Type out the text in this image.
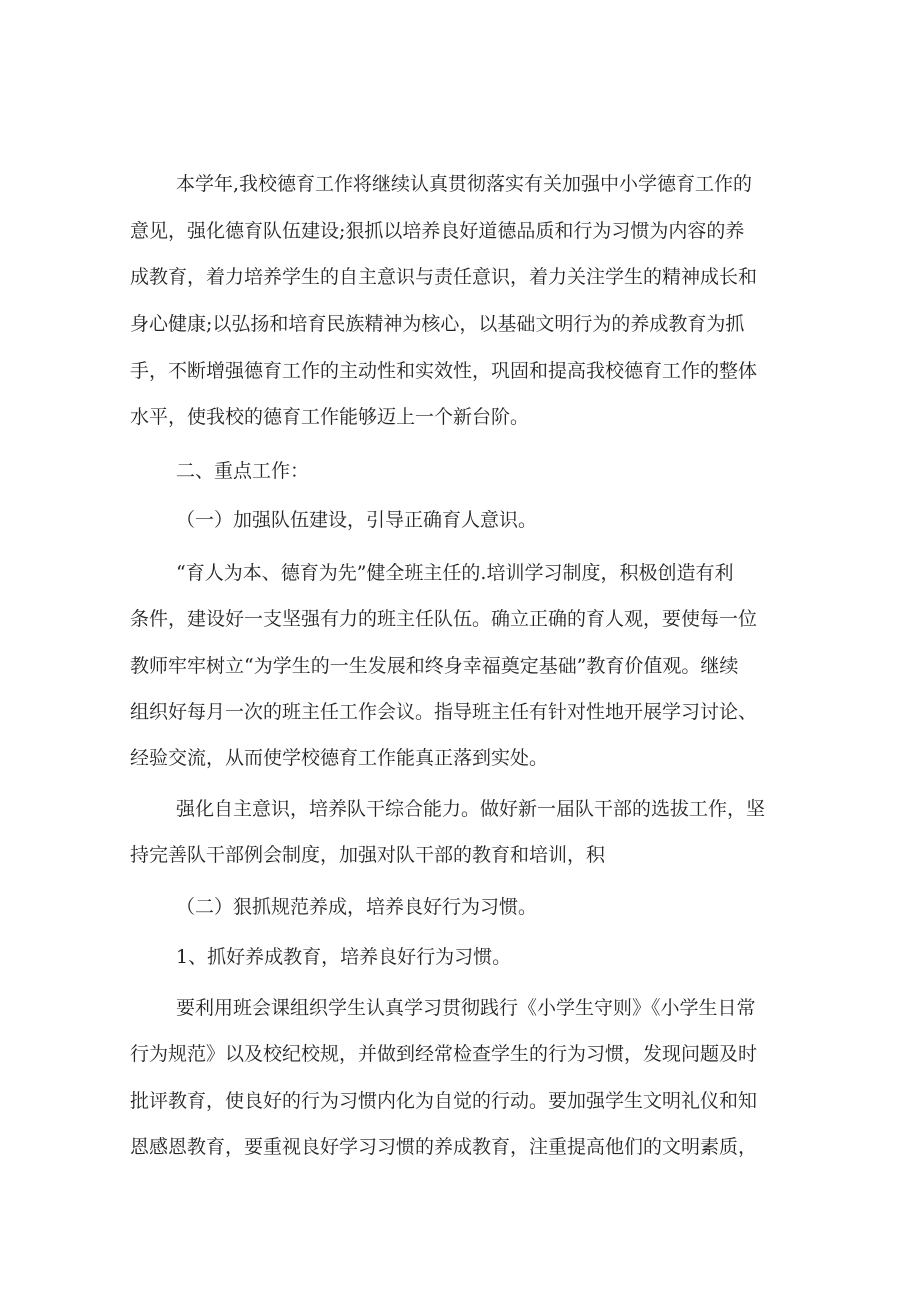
本学年,我校德育工作将继续认真贯彻落实有关加强中小学德育工作的
意见，强化德育队伍建设;狠抓以培养良好道德品质和行为习惯为内容的养
成教育，着力培养学生的自主意识与责任意识，着力关注学生的精神成长和
身心健康;以弘扬和培育民族精神为核心，以基础文明行为的养成教育为抓
手，不断增强德育工作的主动性和实效性，巩固和提高我校德育工作的整体
水平，使我校的德育工作能够迈上一个新台阶。
二、重点工作：
（一）加强队伍建设，引导正确育人意识。
“育人为本、德育为先”健全班主任的.培训学习制度，积极创造有利
条件，建设好一支坚强有力的班主任队伍。确立正确的育人观，要使每一位
教师牢牢树立“为学生的一生发展和终身幸福奠定基础”教育价值观。继续
组织好每月一次的班主任工作会议。指导班主任有针对性地开展学习讨论、
经验交流，从而使学校德育工作能真正落到实处。
强化自主意识，培养队干综合能力。做好新一届队干部的选拔工作，坚
持完善队干部例会制度，加强对队干部的教育和培训，积
（二）狠抓规范养成，培养良好行为习惯。
1、抓好养成教育，培养良好行为习惯。
要利用班会课组织学生认真学习贯彻践行《小学生守则》《小学生日常
行为规范》以及校纪校规，并做到经常检查学生的行为习惯，发现问题及时
批评教育，使良好的行为习惯内化为自觉的行动。要加强学生文明礼仪和知
恩感恩教育，要重视良好学习习惯的养成教育，注重提高他们的文明素质，
